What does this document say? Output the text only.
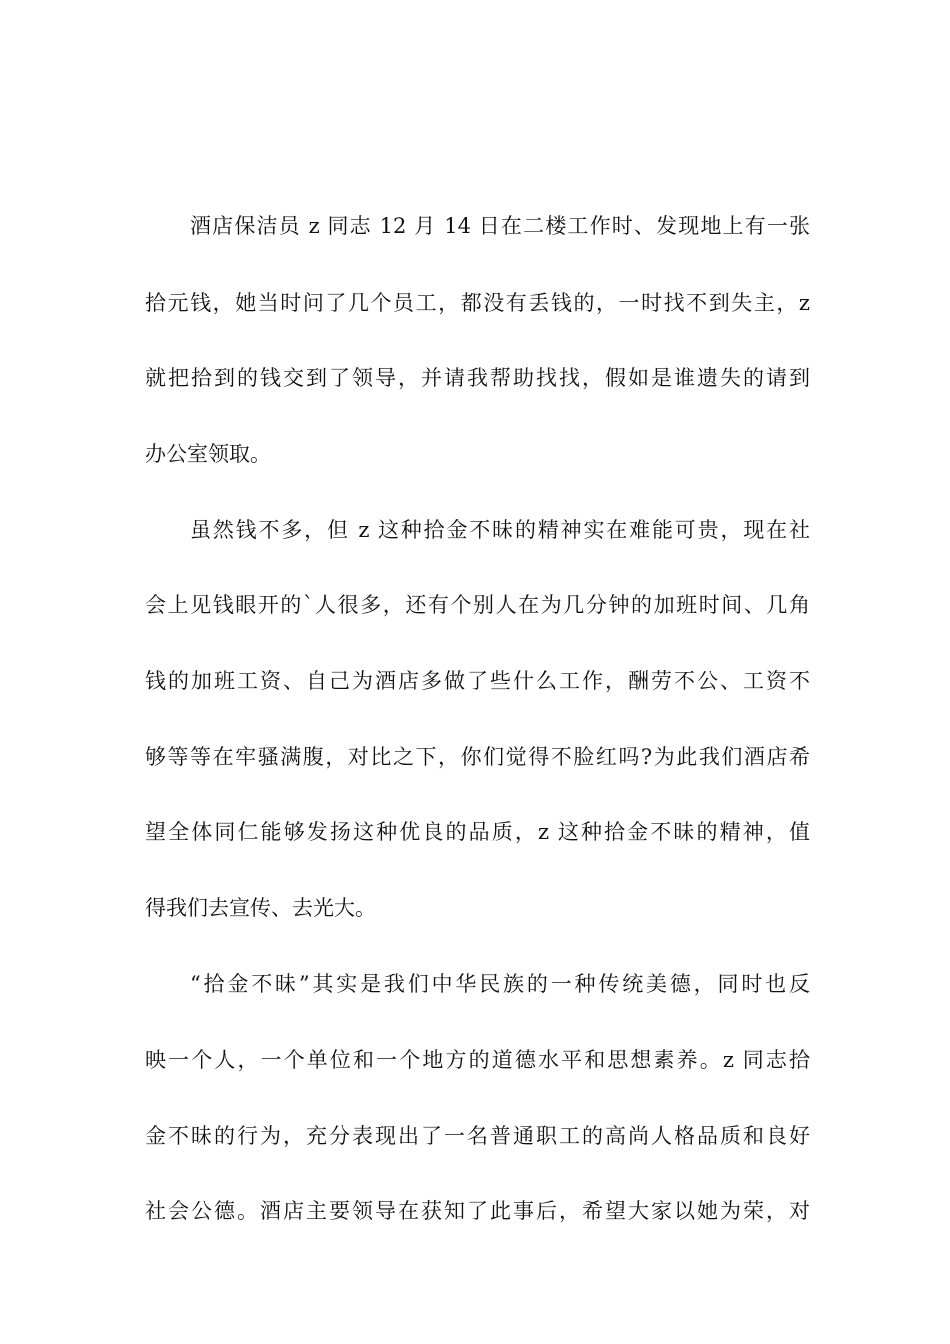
酒店保洁员 z 同志 12 月 14 日在二楼工作时、发现地上有一张
拾元钱，她当时问了几个员工，都没有丢钱的，一时找不到失主，z
就把拾到的钱交到了领导，并请我帮助找找，假如是谁遗失的请到
办公室领取。
虽然钱不多，但 z 这种拾金不昧的精神实在难能可贵，现在社
会上见钱眼开的`人很多，还有个别人在为几分钟的加班时间、几角
钱的加班工资、自己为酒店多做了些什么工作，酬劳不公、工资不
够等等在牢骚满腹，对比之下，你们觉得不脸红吗?为此我们酒店希
望全体同仁能够发扬这种优良的品质，z 这种拾金不昧的精神，值
得我们去宣传、去光大。
“拾金不昧”其实是我们中华民族的一种传统美德，同时也反
映一个人，一个单位和一个地方的道德水平和思想素养。z 同志拾
金不昧的行为，充分表现出了一名普通职工的高尚人格品质和良好
社会公德。酒店主要领导在获知了此事后，希望大家以她为荣，对
